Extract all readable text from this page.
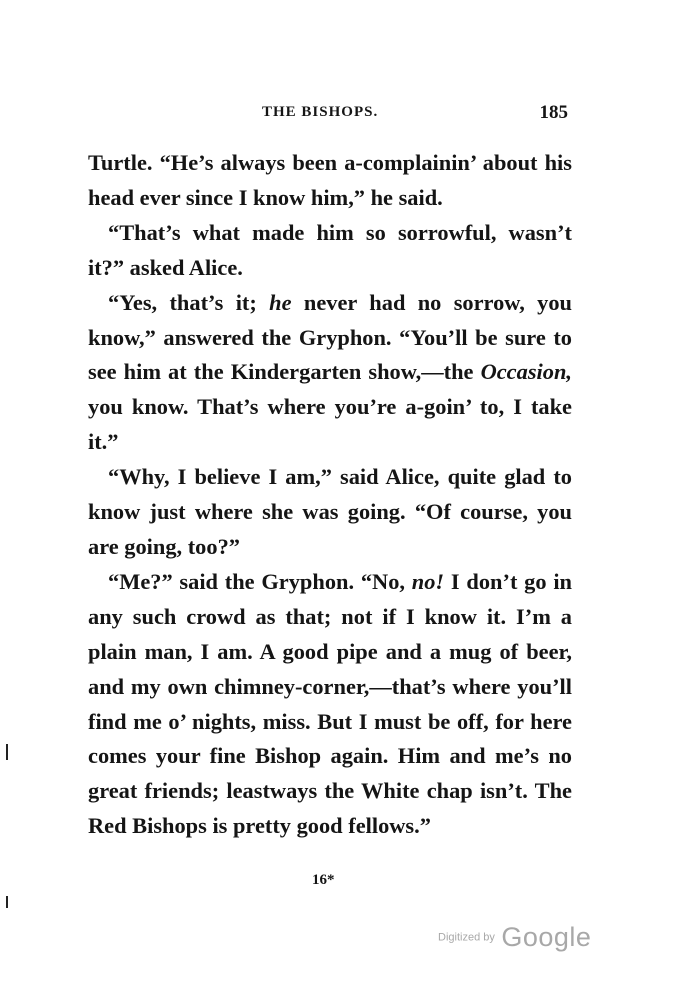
THE BISHOPS.	185

Turtle. “He’s always been a-complainin’ about his head ever since I know him,” he said.

“That’s what made him so sorrowful, wasn’t it?” asked Alice.

“Yes, that’s it; he never had no sorrow, you know,” answered the Gryphon. “You’ll be sure to see him at the Kindergarten show,—the Occasion, you know. That’s where you’re a-goin’ to, I take it.”

“Why, I believe I am,” said Alice, quite glad to know just where she was going. “Of course, you are going, too?”

“Me?” said the Gryphon. “No, no! I don’t go in any such crowd as that; not if I know it. I’m a plain man, I am. A good pipe and a mug of beer, and my own chimney-corner,—that’s where you’ll find me o’ nights, miss. But I must be off, for here comes your fine Bishop again. Him and me’s no great friends; leastways the White chap isn’t. The Red Bishops is pretty good fellows.”

16*
Digitized by Google
